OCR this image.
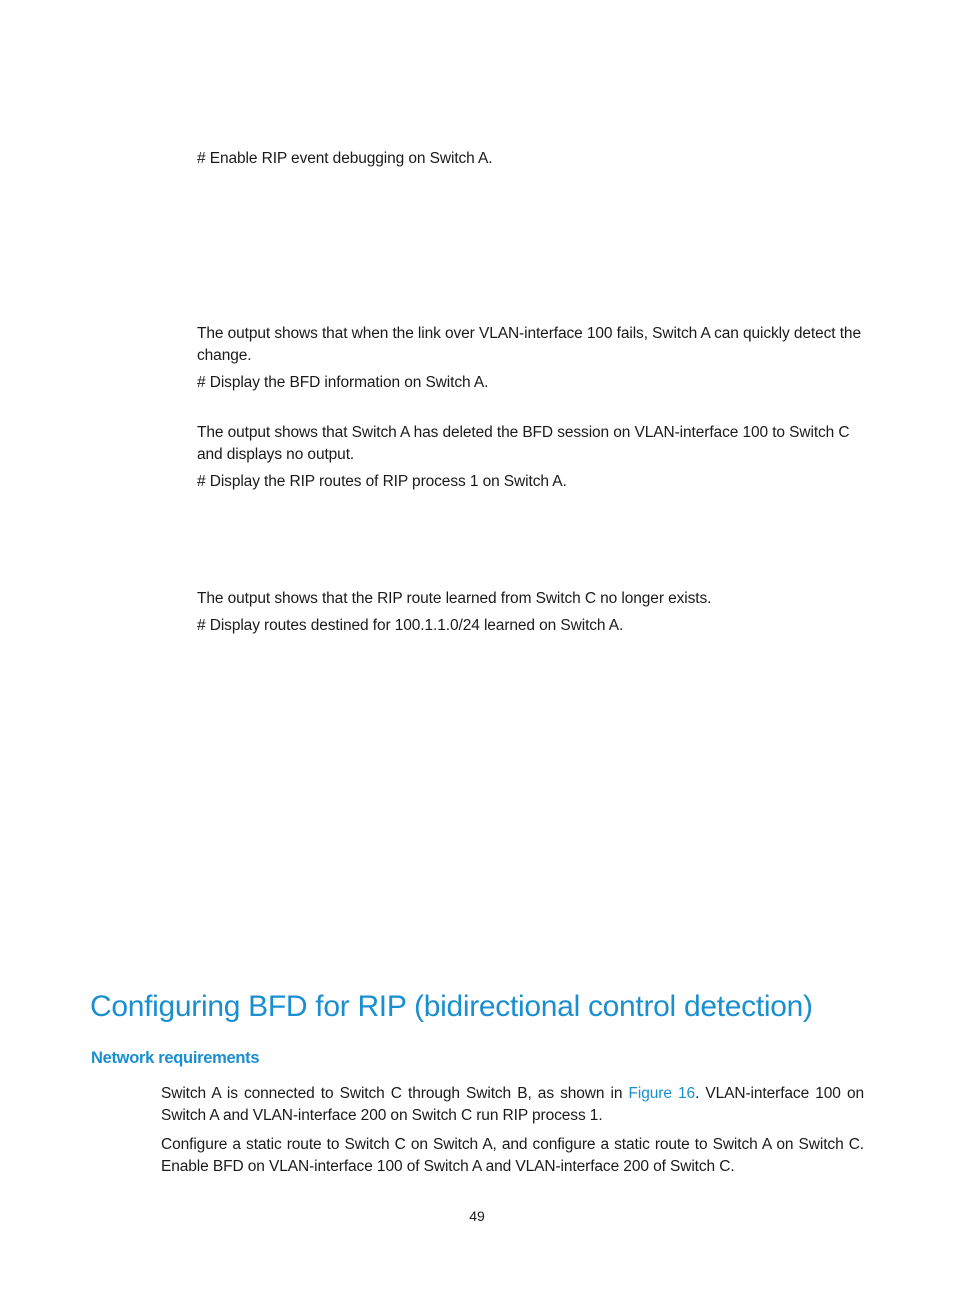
# Enable RIP event debugging on Switch A.

The output shows that when the link over VLAN-interface 100 fails, Switch A can quickly detect the change.

# Display the BFD information on Switch A.

The output shows that Switch A has deleted the BFD session on VLAN-interface 100 to Switch C and displays no output.

# Display the RIP routes of RIP process 1 on Switch A.

The output shows that the RIP route learned from Switch C no longer exists.

# Display routes destined for 100.1.1.0/24 learned on Switch A.

Configuring BFD for RIP (bidirectional control detection)
Network requirements

Switch A is connected to Switch C through Switch B, as shown in Figure 16. VLAN-interface 100 on Switch A and VLAN-interface 200 on Switch C run RIP process 1.

Configure a static route to Switch C on Switch A, and configure a static route to Switch A on Switch C. Enable BFD on VLAN-interface 100 of Switch A and VLAN-interface 200 of Switch C.

49
